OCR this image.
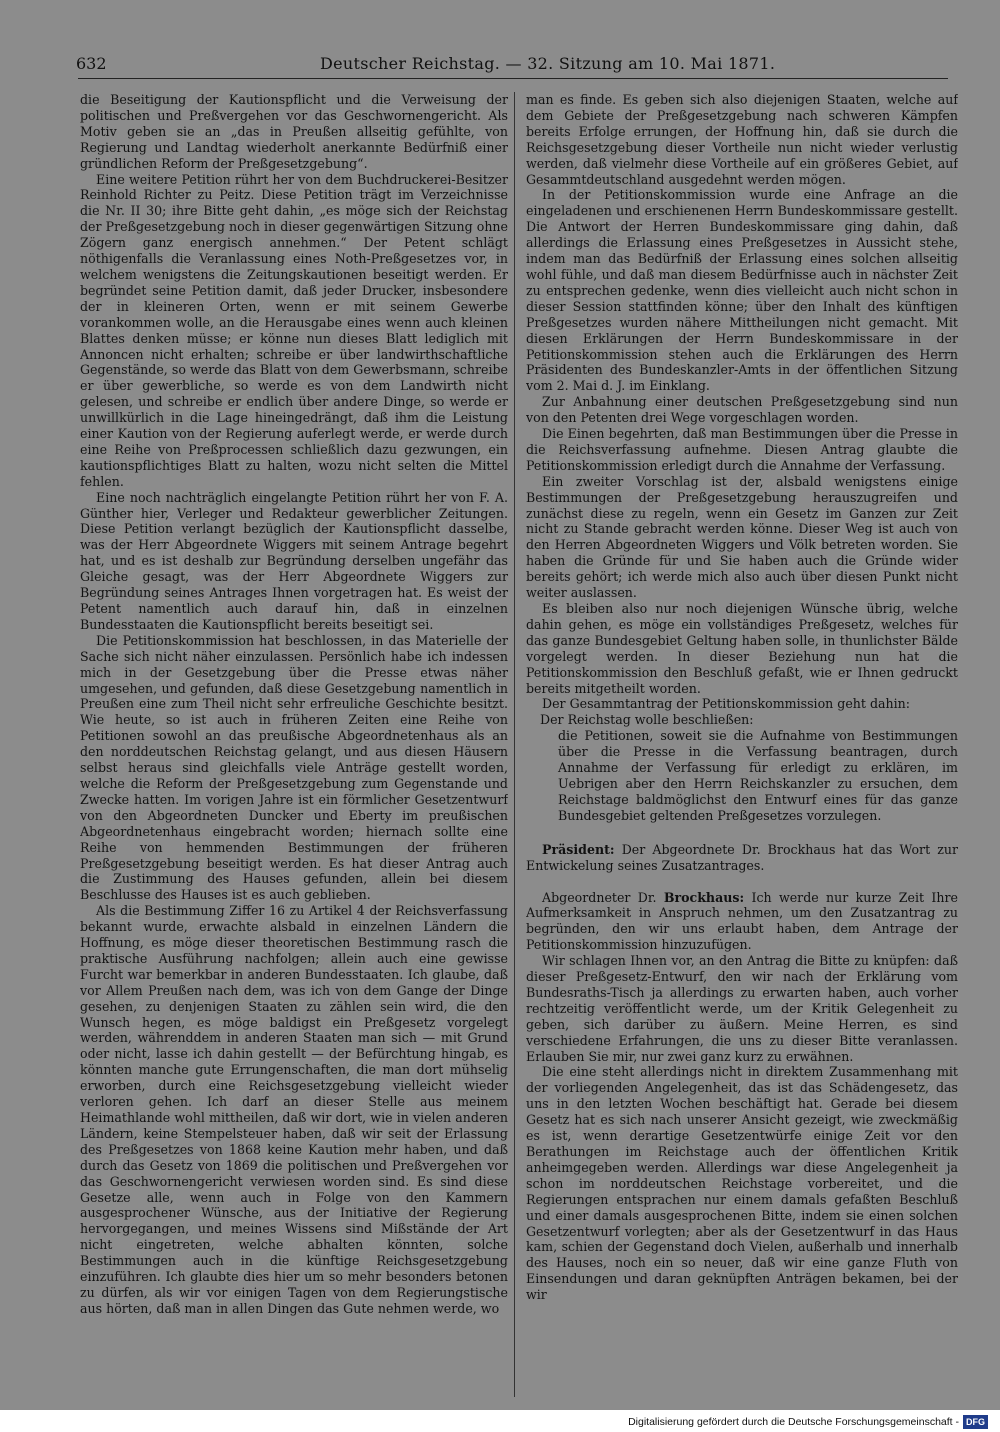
632	Deutscher Reichstag. — 32. Sitzung am 10. Mai 1871.

die Beseitigung der Kautionspflicht und die Verweisung der politischen und Preßvergehen vor das Geschwornengericht. Als Motiv geben sie an „das in Preußen allseitig gefühlte, von Regierung und Landtag wiederholt anerkannte Bedürfniß einer gründlichen Reform der Preßgesetzgebung“.

Eine weitere Petition rührt her von dem Buchdruckerei-Besitzer Reinhold Richter zu Peitz. Diese Petition trägt im Verzeichnisse die Nr. II 30; ihre Bitte geht dahin, „es möge sich der Reichstag der Preßgesetzgebung noch in dieser gegenwärtigen Sitzung ohne Zögern ganz energisch annehmen.“ Der Petent schlägt nöthigenfalls die Veranlassung eines Noth-Preßgesetzes vor, in welchem wenigstens die Zeitungskautionen beseitigt werden. Er begründet seine Petition damit, daß jeder Drucker, insbesondere der in kleineren Orten, wenn er mit seinem Gewerbe vorankommen wolle, an die Herausgabe eines wenn auch kleinen Blattes denken müsse; er könne nun dieses Blatt lediglich mit Annoncen nicht erhalten; schreibe er über landwirthschaftliche Gegenstände, so werde das Blatt von dem Gewerbsmann, schreibe er über gewerbliche, so werde es von dem Landwirth nicht gelesen, und schreibe er endlich über andere Dinge, so werde er unwillkürlich in die Lage hineingedrängt, daß ihm die Leistung einer Kaution von der Regierung auferlegt werde, er werde durch eine Reihe von Preßprocessen schließlich dazu gezwungen, ein kautionspflichtiges Blatt zu halten, wozu nicht selten die Mittel fehlen.

Eine noch nachträglich eingelangte Petition rührt her von F. A. Günther hier, Verleger und Redakteur gewerblicher Zeitungen. Diese Petition verlangt bezüglich der Kautionspflicht dasselbe, was der Herr Abgeordnete Wiggers mit seinem Antrage begehrt hat, und es ist deshalb zur Begründung derselben ungefähr das Gleiche gesagt, was der Herr Abgeordnete Wiggers zur Begründung seines Antrages Ihnen vorgetragen hat. Es weist der Petent namentlich auch darauf hin, daß in einzelnen Bundesstaaten die Kautionspflicht bereits beseitigt sei.

Die Petitionskommission hat beschlossen, in das Materielle der Sache sich nicht näher einzulassen. Persönlich habe ich indessen mich in der Gesetzgebung über die Presse etwas näher umgesehen, und gefunden, daß diese Gesetzgebung namentlich in Preußen eine zum Theil nicht sehr erfreuliche Geschichte besitzt. Wie heute, so ist auch in früheren Zeiten eine Reihe von Petitionen sowohl an das preußische Abgeordnetenhaus als an den norddeutschen Reichstag gelangt, und aus diesen Häusern selbst heraus sind gleichfalls viele Anträge gestellt worden, welche die Reform der Preßgesetzgebung zum Gegenstande und Zwecke hatten. Im vorigen Jahre ist ein förmlicher Gesetzentwurf von den Abgeordneten Duncker und Eberty im preußischen Abgeordnetenhaus eingebracht worden; hiernach sollte eine Reihe von hemmenden Bestimmungen der früheren Preßgesetzgebung beseitigt werden. Es hat dieser Antrag auch die Zustimmung des Hauses gefunden, allein bei diesem Beschlusse des Hauses ist es auch geblieben.

Als die Bestimmung Ziffer 16 zu Artikel 4 der Reichsverfassung bekannt wurde, erwachte alsbald in einzelnen Ländern die Hoffnung, es möge dieser theoretischen Bestimmung rasch die praktische Ausführung nachfolgen; allein auch eine gewisse Furcht war bemerkbar in anderen Bundesstaaten. Ich glaube, daß vor Allem Preußen nach dem, was ich von dem Gange der Dinge gesehen, zu denjenigen Staaten zu zählen sein wird, die den Wunsch hegen, es möge baldigst ein Preßgesetz vorgelegt werden, währenddem in anderen Staaten man sich — mit Grund oder nicht, lasse ich dahin gestellt — der Befürchtung hingab, es könnten manche gute Errungenschaften, die man dort mühselig erworben, durch eine Reichsgesetzgebung vielleicht wieder verloren gehen. Ich darf an dieser Stelle aus meinem Heimathlande wohl mittheilen, daß wir dort, wie in vielen anderen Ländern, keine Stempelsteuer haben, daß wir seit der Erlassung des Preßgesetzes von 1868 keine Kaution mehr haben, und daß durch das Gesetz von 1869 die politischen und Preßvergehen vor das Geschwornengericht verwiesen worden sind. Es sind diese Gesetze alle, wenn auch in Folge von den Kammern ausgesprochener Wünsche, aus der Initiative der Regierung hervorgegangen, und meines Wissens sind Mißstände der Art nicht eingetreten, welche abhalten könnten, solche Bestimmungen auch in die künftige Reichsgesetzgebung einzuführen. Ich glaubte dies hier um so mehr besonders betonen zu dürfen, als wir vor einigen Tagen von dem Regierungstische aus hörten, daß man in allen Dingen das Gute nehmen werde, wo

man es finde. Es geben sich also diejenigen Staaten, welche auf dem Gebiete der Preßgesetzgebung nach schweren Kämpfen bereits Erfolge errungen, der Hoffnung hin, daß sie durch die Reichsgesetzgebung dieser Vortheile nun nicht wieder verlustig werden, daß vielmehr diese Vortheile auf ein größeres Gebiet, auf Gesammtdeutschland ausgedehnt werden mögen.

In der Petitionskommission wurde eine Anfrage an die eingeladenen und erschienenen Herrn Bundeskommissare gestellt. Die Antwort der Herren Bundeskommissare ging dahin, daß allerdings die Erlassung eines Preßgesetzes in Aussicht stehe, indem man das Bedürfniß der Erlassung eines solchen allseitig wohl fühle, und daß man diesem Bedürfnisse auch in nächster Zeit zu entsprechen gedenke, wenn dies vielleicht auch nicht schon in dieser Session stattfinden könne; über den Inhalt des künftigen Preßgesetzes wurden nähere Mittheilungen nicht gemacht. Mit diesen Erklärungen der Herrn Bundeskommissare in der Petitionskommission stehen auch die Erklärungen des Herrn Präsidenten des Bundeskanzler-Amts in der öffentlichen Sitzung vom 2. Mai d. J. im Einklang.

Zur Anbahnung einer deutschen Preßgesetzgebung sind nun von den Petenten drei Wege vorgeschlagen worden.

Die Einen begehrten, daß man Bestimmungen über die Presse in die Reichsverfassung aufnehme. Diesen Antrag glaubte die Petitionskommission erledigt durch die Annahme der Verfassung.

Ein zweiter Vorschlag ist der, alsbald wenigstens einige Bestimmungen der Preßgesetzgebung herauszugreifen und zunächst diese zu regeln, wenn ein Gesetz im Ganzen zur Zeit nicht zu Stande gebracht werden könne. Dieser Weg ist auch von den Herren Abgeordneten Wiggers und Völk betreten worden. Sie haben die Gründe für und Sie haben auch die Gründe wider bereits gehört; ich werde mich also auch über diesen Punkt nicht weiter auslassen.

Es bleiben also nur noch diejenigen Wünsche übrig, welche dahin gehen, es möge ein vollständiges Preßgesetz, welches für das ganze Bundesgebiet Geltung haben solle, in thunlichster Bälde vorgelegt werden. In dieser Beziehung nun hat die Petitionskommission den Beschluß gefaßt, wie er Ihnen gedruckt bereits mitgetheilt worden.

Der Gesammtantrag der Petitionskommission geht dahin:

Der Reichstag wolle beschließen:

die Petitionen, soweit sie die Aufnahme von Bestimmungen über die Presse in die Verfassung beantragen, durch Annahme der Verfassung für erledigt zu erklären, im Uebrigen aber den Herrn Reichskanzler zu ersuchen, dem Reichstage baldmöglichst den Entwurf eines für das ganze Bundesgebiet geltenden Preßgesetzes vorzulegen.

Präsident: Der Abgeordnete Dr. Brockhaus hat das Wort zur Entwickelung seines Zusatzantrages.

Abgeordneter Dr. Brockhaus: Ich werde nur kurze Zeit Ihre Aufmerksamkeit in Anspruch nehmen, um den Zusatzantrag zu begründen, den wir uns erlaubt haben, dem Antrage der Petitionskommission hinzuzufügen.

Wir schlagen Ihnen vor, an den Antrag die Bitte zu knüpfen: daß dieser Preßgesetz-Entwurf, den wir nach der Erklärung vom Bundesraths-Tisch ja allerdings zu erwarten haben, auch vorher rechtzeitig veröffentlicht werde, um der Kritik Gelegenheit zu geben, sich darüber zu äußern. Meine Herren, es sind verschiedene Erfahrungen, die uns zu dieser Bitte veranlassen. Erlauben Sie mir, nur zwei ganz kurz zu erwähnen.

Die eine steht allerdings nicht in direktem Zusammenhang mit der vorliegenden Angelegenheit, das ist das Schädengesetz, das uns in den letzten Wochen beschäftigt hat. Gerade bei diesem Gesetz hat es sich nach unserer Ansicht gezeigt, wie zweckmäßig es ist, wenn derartige Gesetzentwürfe einige Zeit vor den Berathungen im Reichstage auch der öffentlichen Kritik anheimgegeben werden. Allerdings war diese Angelegenheit ja schon im norddeutschen Reichstage vorbereitet, und die Regierungen entsprachen nur einem damals gefaßten Beschluß und einer damals ausgesprochenen Bitte, indem sie einen solchen Gesetzentwurf vorlegten; aber als der Gesetzentwurf in das Haus kam, schien der Gegenstand doch Vielen, außerhalb und innerhalb des Hauses, noch ein so neuer, daß wir eine ganze Fluth von Einsendungen und daran geknüpften Anträgen bekamen, bei der wir

Digitalisierung gefördert durch die Deutsche Forschungsgemeinschaft - DFG
